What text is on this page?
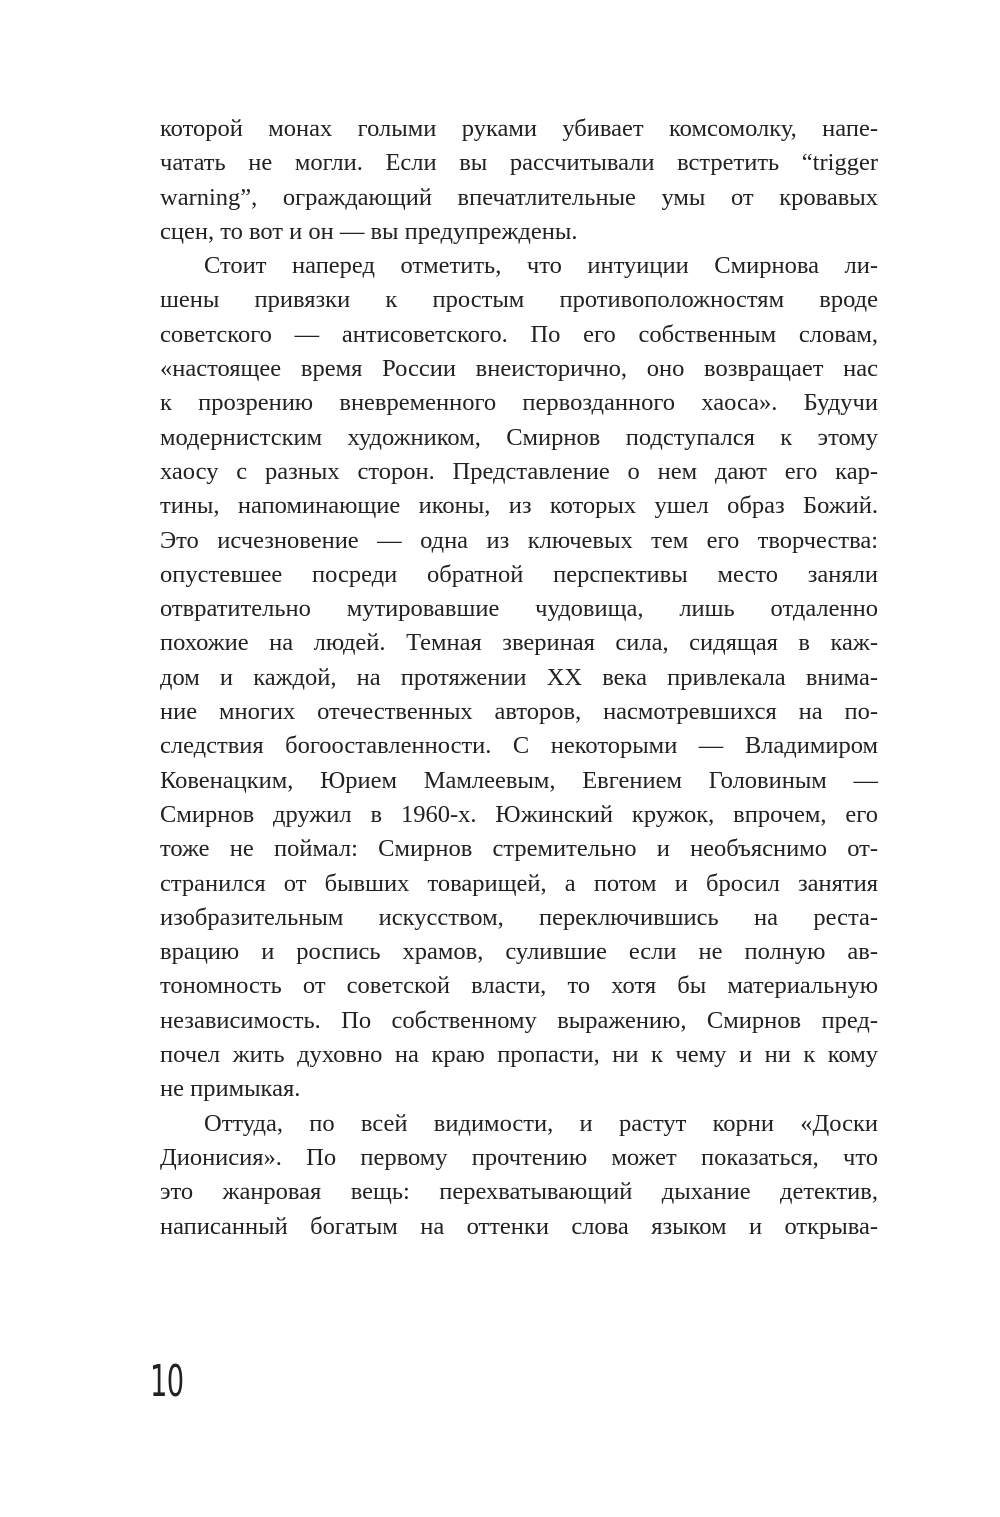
которой монах голыми руками убивает комсомолку, напе-
чатать не могли. Если вы рассчитывали встретить “trigger
warning”, ограждающий впечатлительные умы от кровавых
сцен, то вот и он — вы предупреждены.
Стоит наперед отметить, что интуиции Смирнова ли-
шены привязки к простым противоположностям вроде
советского — антисоветского. По его собственным словам,
«настоящее время России внеисторично, оно возвращает нас
к прозрению вневременного первозданного хаоса». Будучи
модернистским художником, Смирнов подступался к этому
хаосу с разных сторон. Представление о нем дают его кар-
тины, напоминающие иконы, из которых ушел образ Божий.
Это исчезновение — одна из ключевых тем его творчества:
опустевшее посреди обратной перспективы место заняли
отвратительно мутировавшие чудовища, лишь отдаленно
похожие на людей. Темная звериная сила, сидящая в каж-
дом и каждой, на протяжении XX века привлекала внима-
ние многих отечественных авторов, насмотревшихся на по-
следствия богооставленности. С некоторыми — Владимиром
Ковенацким, Юрием Мамлеевым, Евгением Головиным —
Смирнов дружил в 1960-х. Южинский кружок, впрочем, его
тоже не поймал: Смирнов стремительно и необъяснимо от-
странился от бывших товарищей, а потом и бросил занятия
изобразительным искусством, переключившись на реста-
врацию и роспись храмов, сулившие если не полную ав-
тономность от советской власти, то хотя бы материальную
независимость. По собственному выражению, Смирнов пред-
почел жить духовно на краю пропасти, ни к чему и ни к кому
не примыкая.
Оттуда, по всей видимости, и растут корни «Доски
Дионисия». По первому прочтению может показаться, что
это жанровая вещь: перехватывающий дыхание детектив,
написанный богатым на оттенки слова языком и открыва-
10
